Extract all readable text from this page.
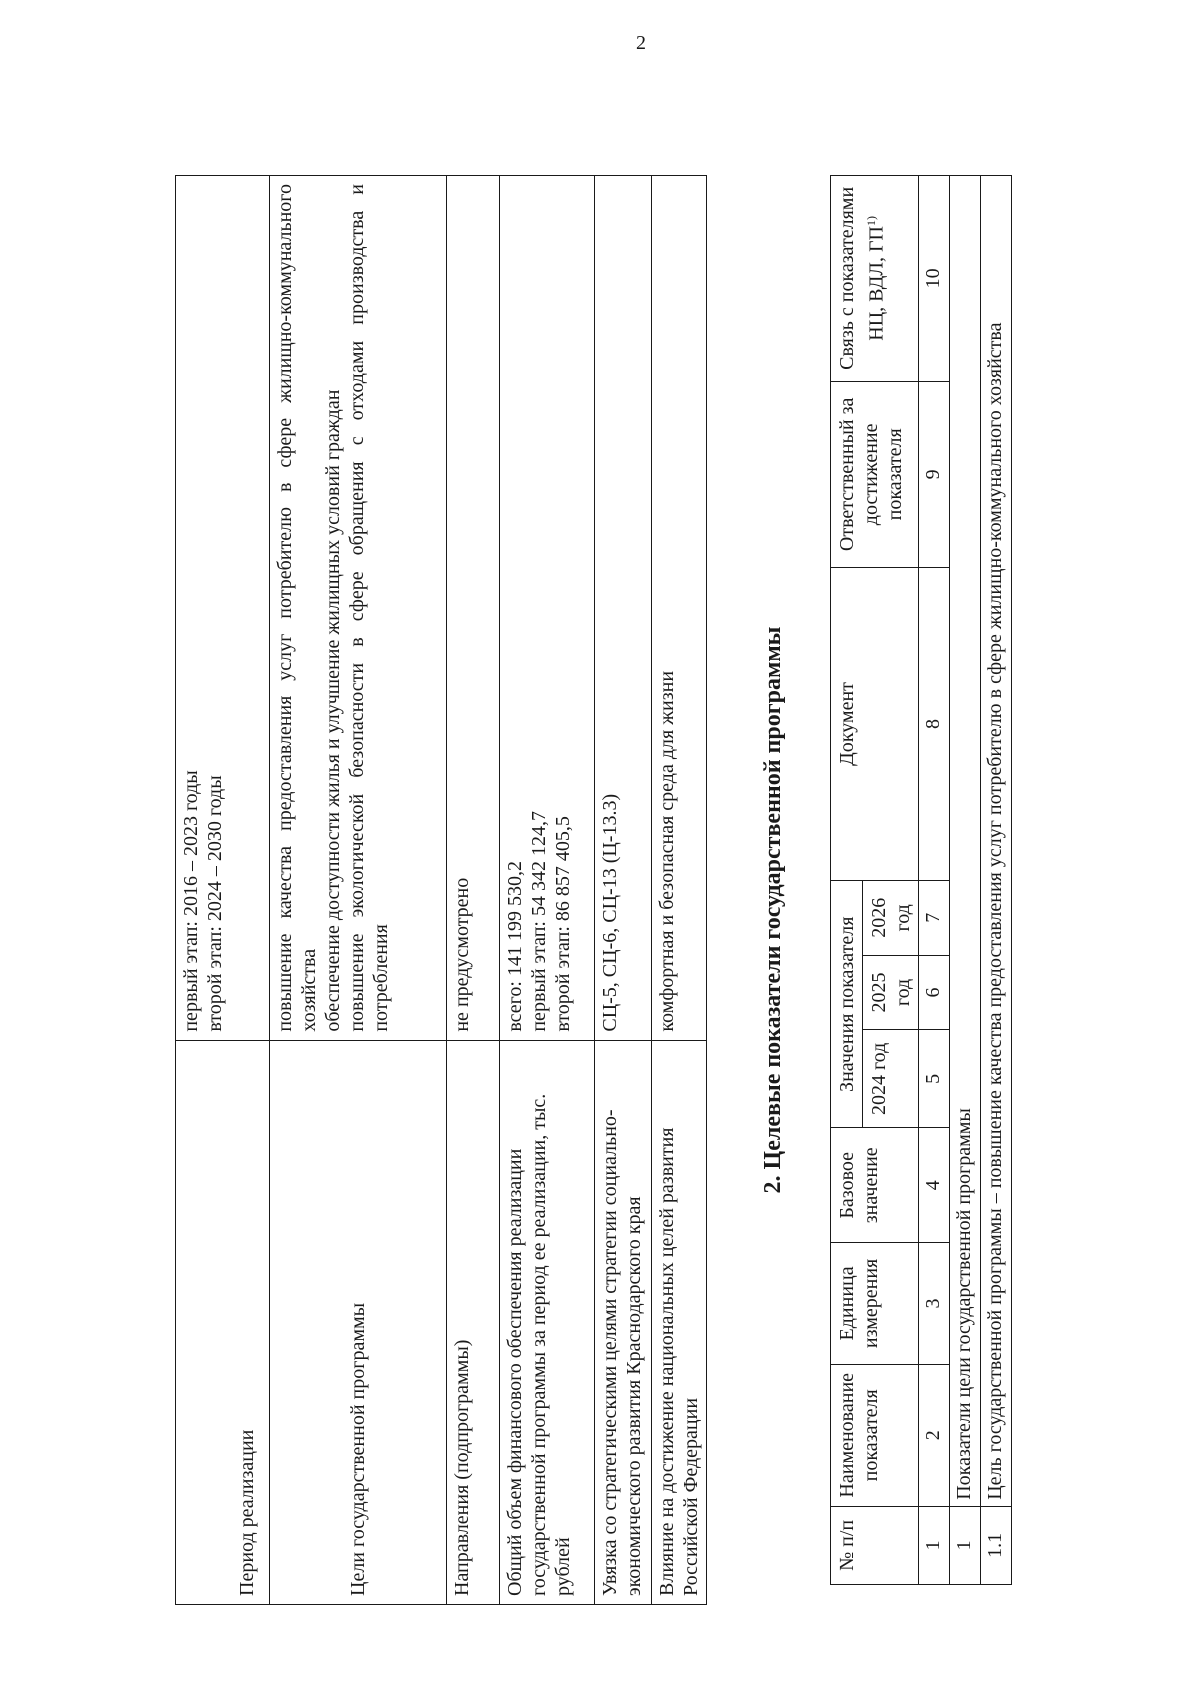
2
Период реализации	первый этап: 2016 – 2023 годы второй этап: 2024 – 2030 годы

Цели государственной программы	повышение качества предоставления услуг потребителю в сфере жилищно-коммунального хозяйства обеспечение доступности жилья и улучшение жилищных условий граждан повышение экологической безопасности в сфере обращения с отходами производства и потребления

Направления (подпрограммы)	не предусмотрено

Общий объем финансового обеспечения реализации государственной программы за период ее реализации, тыс. рублей	всего: 141 199 530,2 первый этап: 54 342 124,7 второй этап: 86 857 405,5

Увязка со стратегическими целями стратегии социально-экономического развития Краснодарского края	СЦ-5, СЦ-6, СЦ-13 (Ц-13.3)

Влияние на достижение национальных целей развития Российской Федерации	комфортная и безопасная среда для жизни	2. Целевые показатели государственной программы
№ п/п	Наименование показателя	Единица измерения	Базовое значение	Значения показателя			Документ	Ответственный за достижение показателя	Связь с показателями НЦ, ВДЛ, ГП$^{1)}$
				2024 год	2025 год	2026 год			
1	2	3	4	5	6	7	8	9	10
1	Показатели цели государственной программы								
1.1	Цель государственной программы – повышение качества предоставления услуг потребителю в сфере жилищно-коммунального хозяйства								
